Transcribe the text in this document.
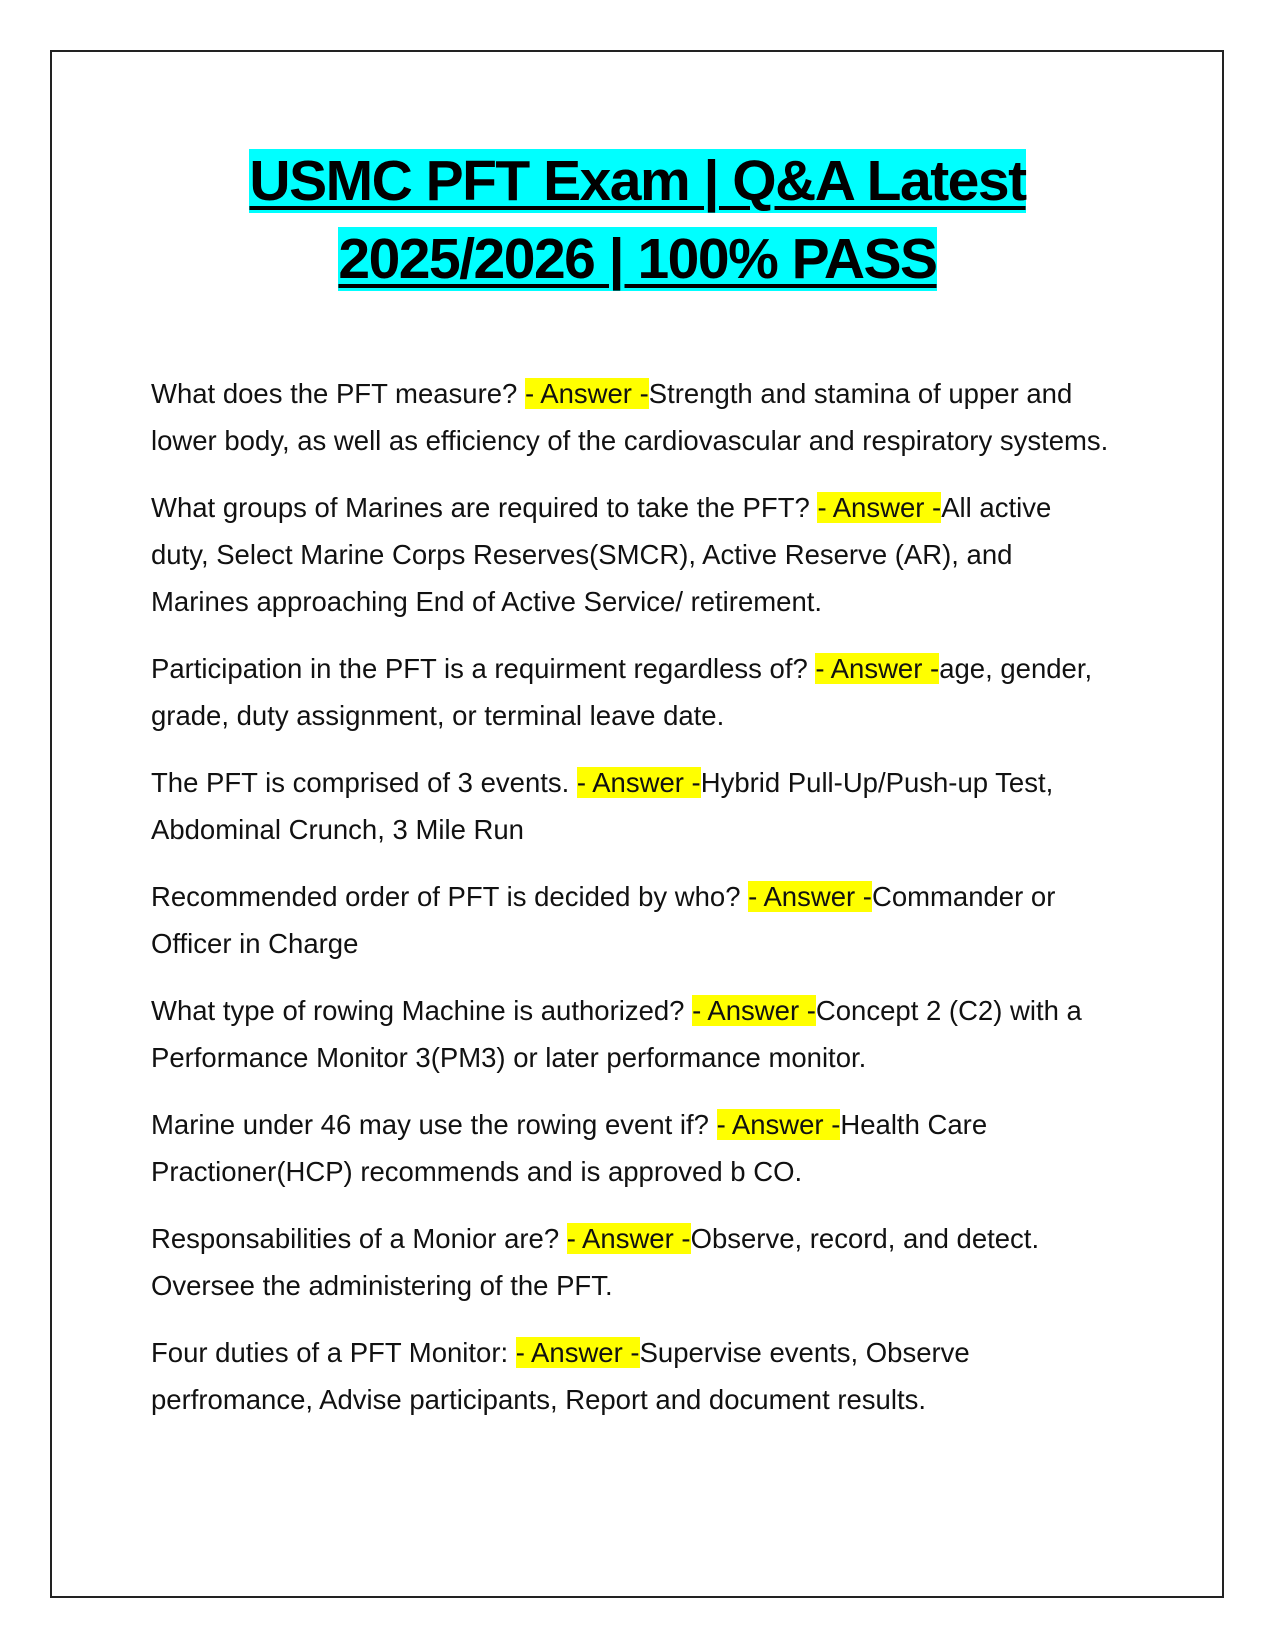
USMC PFT Exam | Q&A Latest
2025/2026 | 100% PASS

What does the PFT measure? - Answer -Strength and stamina of upper and lower body, as well as efficiency of the cardiovascular and respiratory systems.

What groups of Marines are required to take the PFT? - Answer -All active duty, Select Marine Corps Reserves(SMCR), Active Reserve (AR), and Marines approaching End of Active Service/ retirement.

Participation in the PFT is a requirment regardless of? - Answer -age, gender, grade, duty assignment, or terminal leave date.

The PFT is comprised of 3 events. - Answer -Hybrid Pull-Up/Push-up Test, Abdominal Crunch, 3 Mile Run

Recommended order of PFT is decided by who? - Answer -Commander or Officer in Charge

What type of rowing Machine is authorized? - Answer -Concept 2 (C2) with a Performance Monitor 3(PM3) or later performance monitor.

Marine under 46 may use the rowing event if? - Answer -Health Care Practioner(HCP) recommends and is approved b CO.

Responsabilities of a Monior are? - Answer -Observe, record, and detect. Oversee the administering of the PFT.

Four duties of a PFT Monitor: - Answer -Supervise events, Observe perfromance, Advise participants, Report and document results.
